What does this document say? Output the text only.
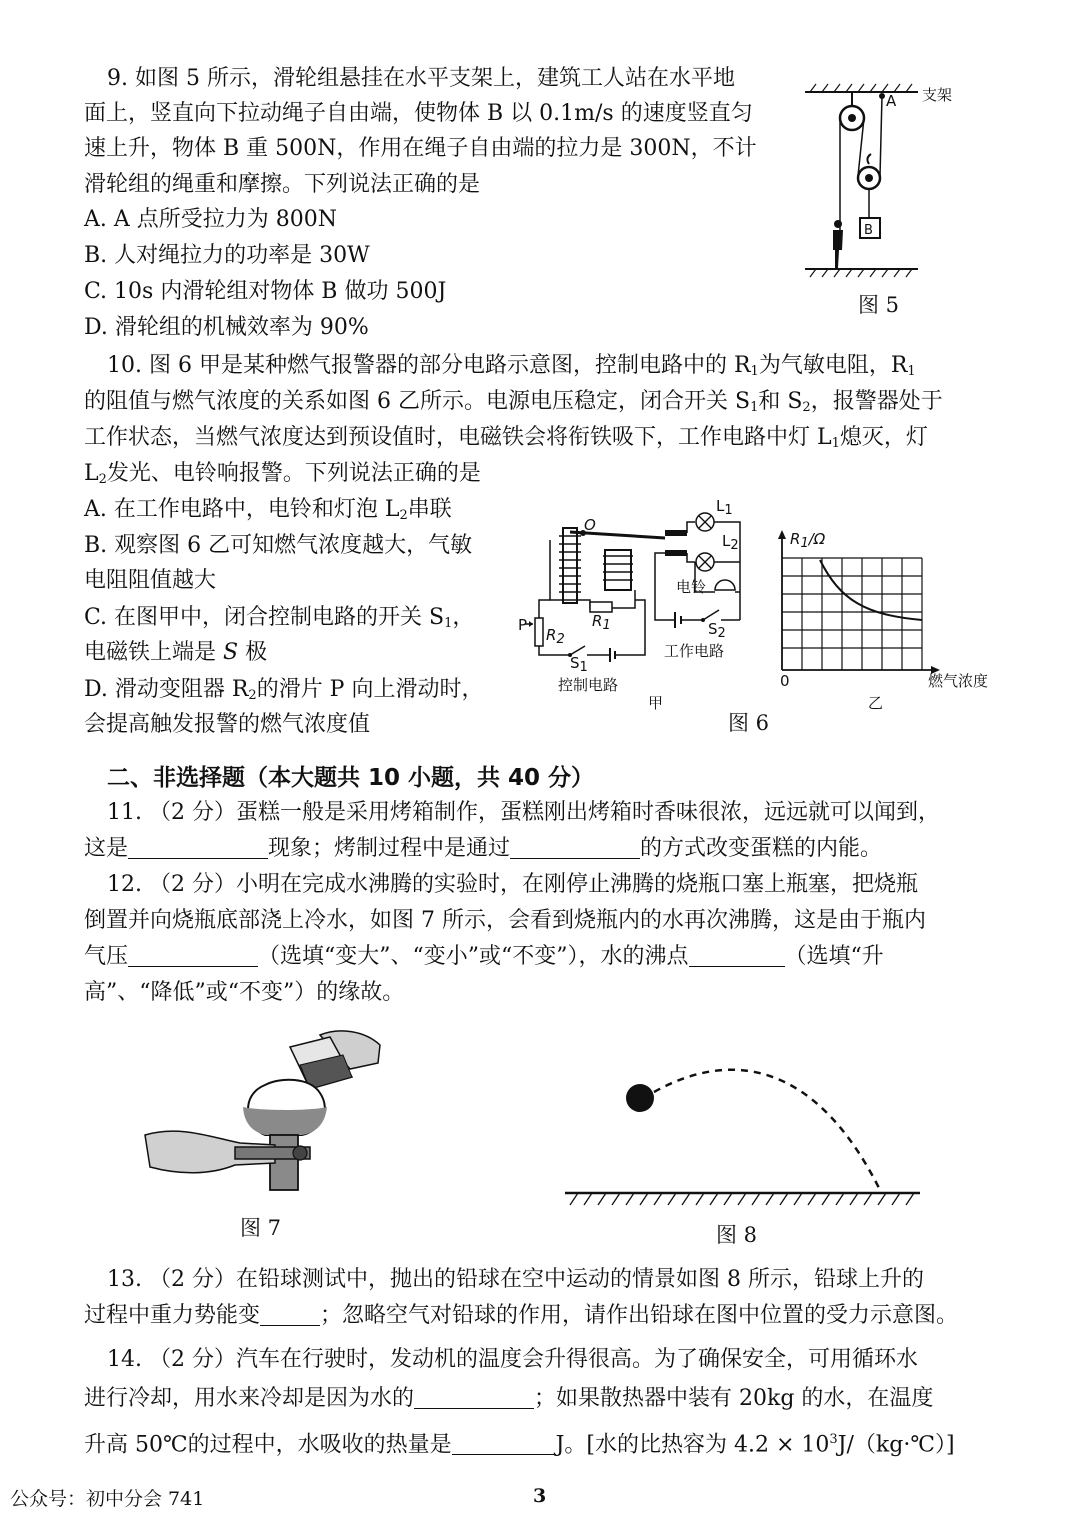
9. 如图 5 所示，滑轮组悬挂在水平支架上，建筑工人站在水平地
面上，竖直向下拉动绳子自由端，使物体 B 以 0.1m/s 的速度竖直匀
速上升，物体 B 重 500N，作用在绳子自由端的拉力是 300N，不计
滑轮组的绳重和摩擦。下列说法正确的是
A. A 点所受拉力为 800N
B. 人对绳拉力的功率是 30W
C. 10s 内滑轮组对物体 B 做功 500J
D. 滑轮组的机械效率为 90%
A 支架
B
图 5
10. 图 6 甲是某种燃气报警器的部分电路示意图，控制电路中的 $R_1$为气敏电阻，$R_1$
的阻值与燃气浓度的关系如图 6 乙所示。电源电压稳定，闭合开关 $S_1$和 $S_2$，报警器处于
工作状态，当燃气浓度达到预设值时，电磁铁会将衔铁吸下，工作电路中灯 $L_1$熄灭，灯
$L_2$发光、电铃响报警。下列说法正确的是
A. 在工作电路中，电铃和灯泡 $L_2$串联
B. 观察图 6 乙可知燃气浓度越大，气敏
电阻阻值越大
C. 在图甲中，闭合控制电路的开关 $S_1$，
电磁铁上端是 S 极
D. 滑动变阻器 $R_2$的滑片 P 向上滑动时，
会提高触发报警的燃气浓度值
O
$L_1$
$L_2$
电铃
$R_1$	$S_2$
P
$R_2$
$S_1$
工作电路
控制电路
甲
$R_1/\Omega$
0	燃气浓度
乙
图 6
二、非选择题（本大题共 10 小题，共 40 分）
11. （2 分）蛋糕一般是采用烤箱制作，蛋糕刚出烤箱时香味很浓，远远就可以闻到，
这是	现象；烤制过程中是通过	的方式改变蛋糕的内能。
12. （2 分）小明在完成水沸腾的实验时，在刚停止沸腾的烧瓶口塞上瓶塞，把烧瓶
倒置并向烧瓶底部浇上冷水，如图 7 所示，会看到烧瓶内的水再次沸腾，这是由于瓶内
气压	（选填“变大”、“变小”或“不变”），水的沸点	（选填“升
高”、“降低”或“不变”）的缘故。
图 7	图 8
13. （2 分）在铅球测试中，抛出的铅球在空中运动的情景如图 8 所示，铅球上升的
过程中重力势能变	；忽略空气对铅球的作用，请作出铅球在图中位置的受力示意图。
14. （2 分）汽车在行驶时，发动机的温度会升得很高。为了确保安全，可用循环水
进行冷却，用水来冷却是因为水的	；如果散热器中装有 20kg 的水，在温度
升高 50℃的过程中，水吸收的热量是	J。[水的比热容为 $4.2 \times 10^3J/(kg\cdot℃)$]
公众号：初中分会 741	3
